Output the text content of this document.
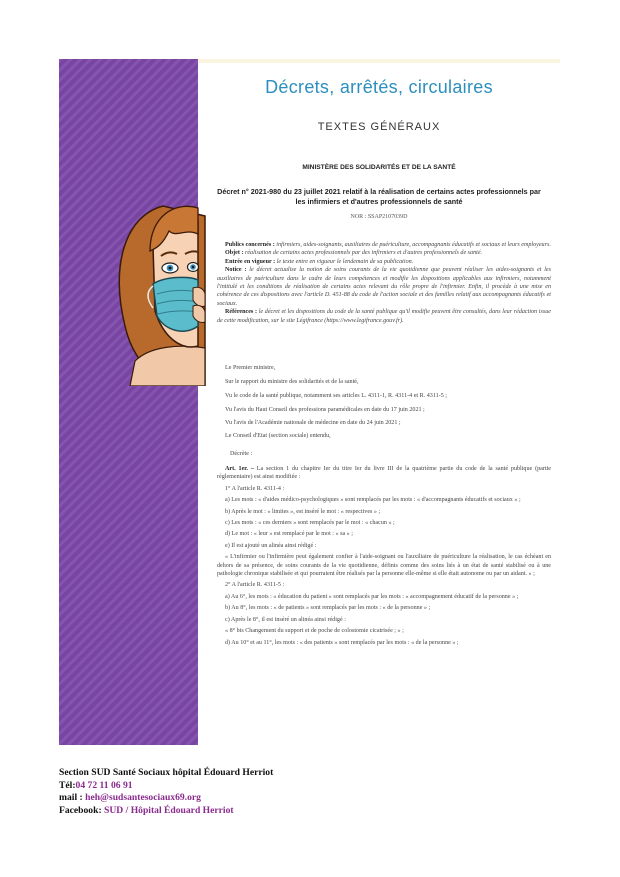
Décrets, arrêtés, circulaires
TEXTES GÉNÉRAUX
MINISTÈRE DES SOLIDARITÉS ET DE LA SANTÉ
Décret n° 2021-980 du 23 juillet 2021 relatif à la réalisation de certains actes professionnels par les infirmiers et d'autres professionnels de santé
NOR : SSAP2107039D

Publics concernés : infirmiers, aides-soignants, auxiliaires de puériculture, accompagnants éducatifs et sociaux et leurs employeurs.

Objet : réalisation de certains actes professionnels par des infirmiers et d'autres professionnels de santé.

Entrée en vigueur : le texte entre en vigueur le lendemain de sa publication.

Notice : le décret actualise la notion de soins courants de la vie quotidienne que peuvent réaliser les aides-soignants et les auxiliaires de puériculture dans le cadre de leurs compétences et modifie les dispositions applicables aux infirmiers, notamment l'intitulé et les conditions de réalisation de certains actes relevant du rôle propre de l'infirmier. Enfin, il procède à une mise en cohérence de ces dispositions avec l'article D. 451-88 du code de l'action sociale et des familles relatif aux accompagnants éducatifs et sociaux.

Références : le décret et les dispositions du code de la santé publique qu'il modifie peuvent être consultés, dans leur rédaction issue de cette modification, sur le site Légifrance (https://www.legifrance.gouv.fr).

Le Premier ministre,
Sur le rapport du ministre des solidarités et de la santé,
Vu le code de la santé publique, notamment ses articles L. 4311-1, R. 4311-4 et R. 4311-5 ;
Vu l'avis du Haut Conseil des professions paramédicales en date du 17 juin 2021 ;
Vu l'avis de l'Académie nationale de médecine en date du 24 juin 2021 ;
Le Conseil d'Etat (section sociale) entendu,
Décrète :

Art. 1er. – La section 1 du chapitre Ier du titre Ier du livre III de la quatrième partie du code de la santé publique (partie réglementaire) est ainsi modifiée :

1° A l'article R. 4311-4 :

a) Les mots : « d'aides médico-psychologiques » sont remplacés par les mots : « d'accompagnants éducatifs et sociaux » ;

b) Après le mot : « limites », est inséré le mot : « respectives » ;

c) Les mots : « ces derniers » sont remplacés par le mot : « chacun » ;

d) Le mot : « leur » est remplacé par le mot : « sa » ;

e) Il est ajouté un alinéa ainsi rédigé :

« L'infirmier ou l'infirmière peut également confier à l'aide-soignant ou l'auxiliaire de puériculture la réalisation, le cas échéant en dehors de sa présence, de soins courants de la vie quotidienne, définis comme des soins liés à un état de santé stabilisé ou à une pathologie chronique stabilisée et qui pourraient être réalisés par la personne elle-même si elle était autonome ou par un aidant. » ;

2° A l'article R. 4311-5 :

a) Au 6°, les mots : « éducation du patient » sont remplacés par les mots : « accompagnement éducatif de la personne » ;

b) Au 8°, les mots : « de patients » sont remplacés par les mots : « de la personne » ;

c) Après le 8°, il est inséré un alinéa ainsi rédigé :

« 8° bis Changement du support et de poche de colostomie cicatrisée ; » ;

d) Au 10° et au 11°, les mots : « des patients » sont remplacés par les mots : « de la personne » ;

Section SUD Santé Sociaux hôpital Édouard Herriot
Tél:04 72 11 06 91
mail : heh@sudsantesociaux69.org
Facebook: SUD / Hôpital Édouard Herriot
